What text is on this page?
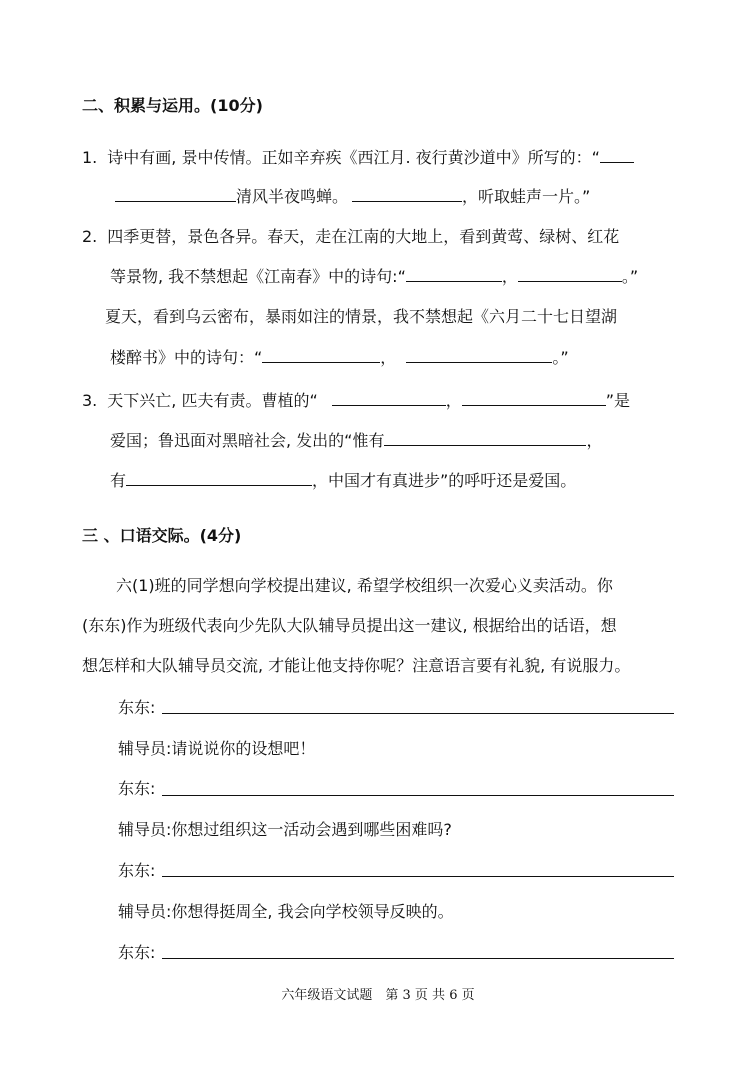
二、积累与运用。(10分)
1. 诗中有画, 景中传情。正如辛弃疾《西江月. 夜行黄沙道中》所写的：“
清风半夜鸣蝉。	，听取蛙声一片。”
2. 四季更替，景色各异。春天，走在江南的大地上，看到黄莺、绿树、红花
等景物, 我不禁想起《江南春》中的诗句:“	，	。”
夏天，看到乌云密布，暴雨如注的情景，我不禁想起《六月二十七日望湖
楼醉书》中的诗句：“	，	。”
3. 天下兴亡, 匹夫有责。曹植的“	，	”是
爱国；鲁迅面对黑暗社会, 发出的“惟有	，
有	，中国才有真进步”的呼吁还是爱国。
三 、口语交际。(4分)
六(1)班的同学想向学校提出建议, 希望学校组织一次爱心义卖活动。你
(东东)作为班级代表向少先队大队辅导员提出这一建议, 根据给出的话语，想
想怎样和大队辅导员交流, 才能让他支持你呢？注意语言要有礼貌, 有说服力。
东东:
辅导员:请说说你的设想吧！
东东:
辅导员:你想过组织这一活动会遇到哪些困难吗?
东东:
辅导员:你想得挺周全, 我会向学校领导反映的。
东东:
六年级语文试题　第 3 页 共 6 页
